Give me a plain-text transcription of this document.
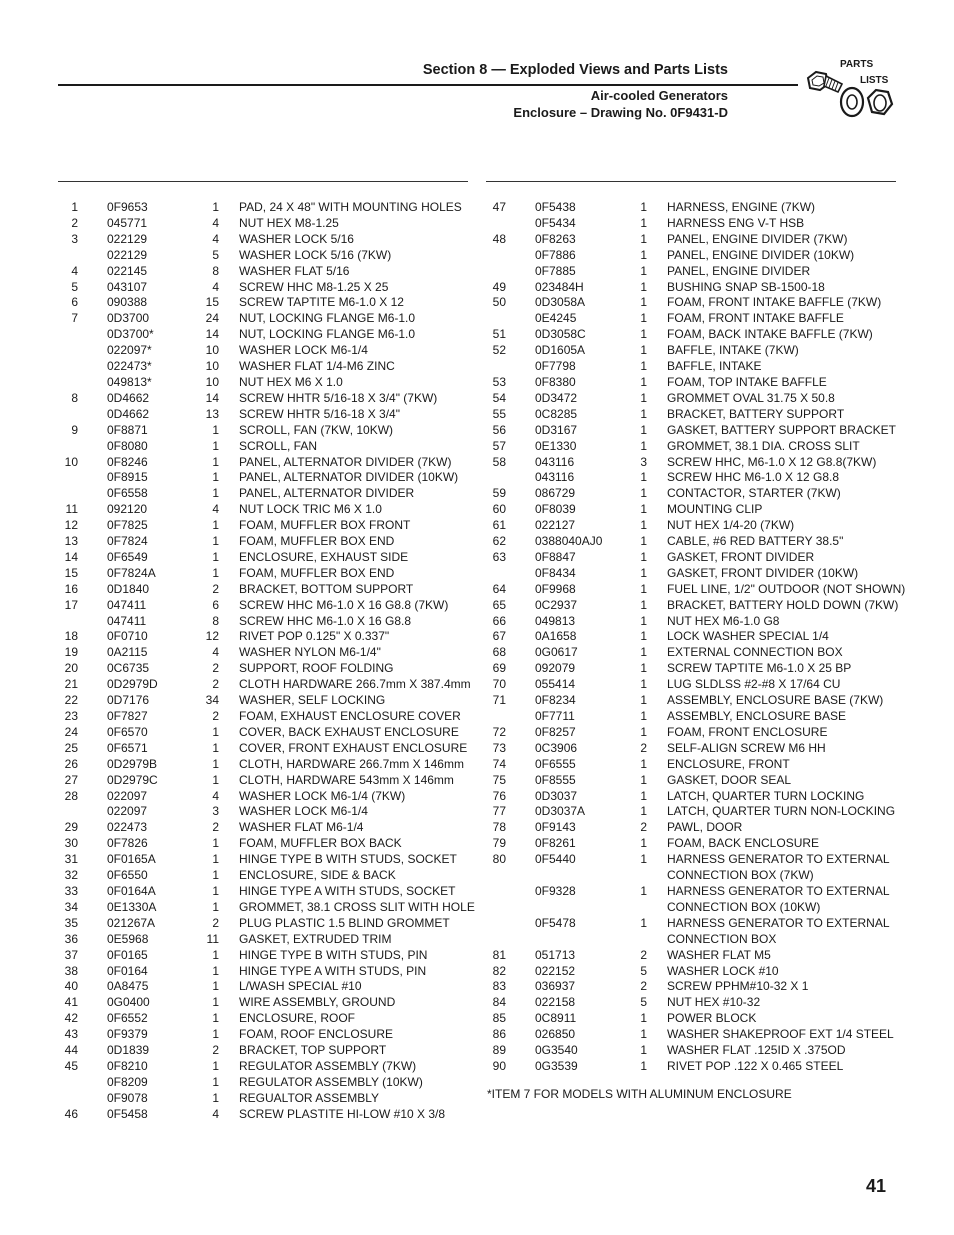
Section 8 — Exploded Views and Parts Lists
Air-cooled Generators
Enclosure – Drawing No. 0F9431-D
PARTS
LISTS
1		0F9653	1		PAD, 24 X 48" WITH MOUNTING HOLES
2		045771	4		NUT HEX M8-1.25
3		022129	4		WASHER LOCK 5/16
		022129	5		WASHER LOCK 5/16 (7KW)
4		022145	8		WASHER FLAT 5/16
5		043107	4		SCREW HHC M8-1.25 X 25
6		090388	15		SCREW TAPTITE M6-1.0 X 12
7		0D3700	24		NUT, LOCKING FLANGE M6-1.0
		0D3700*	14		NUT, LOCKING FLANGE M6-1.0
		022097*	10		WASHER LOCK M6-1/4
		022473*	10		WASHER FLAT 1/4-M6 ZINC
		049813*	10		NUT HEX M6 X 1.0
8		0D4662	14		SCREW HHTR 5/16-18 X 3/4" (7KW)
		0D4662	13		SCREW HHTR 5/16-18 X 3/4"
9		0F8871	1		SCROLL, FAN (7KW, 10KW)
		0F8080	1		SCROLL, FAN
10		0F8246	1		PANEL, ALTERNATOR DIVIDER (7KW)
		0F8915	1		PANEL, ALTERNATOR DIVIDER (10KW)
		0F6558	1		PANEL, ALTERNATOR DIVIDER
11		092120	4		NUT LOCK TRIC M6 X 1.0
12		0F7825	1		FOAM, MUFFLER BOX FRONT
13		0F7824	1		FOAM, MUFFLER BOX END
14		0F6549	1		ENCLOSURE, EXHAUST SIDE
15		0F7824A	1		FOAM, MUFFLER BOX END
16		0D1840	2		BRACKET, BOTTOM SUPPORT
17		047411	6		SCREW HHC M6-1.0 X 16 G8.8 (7KW)
		047411	8		SCREW HHC M6-1.0 X 16 G8.8
18		0F0710	12		RIVET POP 0.125" X 0.337"
19		0A2115	4		WASHER NYLON M6-1/4"
20		0C6735	2		SUPPORT, ROOF FOLDING
21		0D2979D	2		CLOTH HARDWARE 266.7mm X 387.4mm
22		0D7176	34		WASHER, SELF LOCKING
23		0F7827	2		FOAM, EXHAUST ENCLOSURE COVER
24		0F6570	1		COVER, BACK EXHAUST ENCLOSURE
25		0F6571	1		COVER, FRONT EXHAUST ENCLOSURE
26		0D2979B	1		CLOTH, HARDWARE 266.7mm X 146mm
27		0D2979C	1		CLOTH, HARDWARE 543mm X 146mm
28		022097	4		WASHER LOCK M6-1/4 (7KW)
		022097	3		WASHER LOCK M6-1/4
29		022473	2		WASHER FLAT M6-1/4
30		0F7826	1		FOAM, MUFFLER BOX BACK
31		0F0165A	1		HINGE TYPE B WITH STUDS, SOCKET
32		0F6550	1		ENCLOSURE, SIDE & BACK
33		0F0164A	1		HINGE TYPE A WITH STUDS, SOCKET
34		0E1330A	1		GROMMET, 38.1 CROSS SLIT WITH HOLE
35		021267A	2		PLUG PLASTIC 1.5 BLIND GROMMET
36		0E5968	11		GASKET, EXTRUDED TRIM
37		0F0165	1		HINGE TYPE B WITH STUDS, PIN
38		0F0164	1		HINGE TYPE A WITH STUDS, PIN
40		0A8475	1		L/WASH SPECIAL #10
41		0G0400	1		WIRE ASSEMBLY, GROUND
42		0F6552	1		ENCLOSURE, ROOF
43		0F9379	1		FOAM, ROOF ENCLOSURE
44		0D1839	2		BRACKET, TOP SUPPORT
45		0F8210	1		REGULATOR ASSEMBLY (7KW)
		0F8209	1		REGULATOR ASSEMBLY (10KW)
		0F9078	1		REGUALTOR ASSEMBLY
46		0F5458	4		SCREW PLASTITE HI-LOW #10 X 3/8
47		0F5438	1		HARNESS, ENGINE (7KW)
		0F5434	1		HARNESS ENG V-T HSB
48		0F8263	1		PANEL, ENGINE DIVIDER (7KW)
		0F7886	1		PANEL, ENGINE DIVIDER (10KW)
		0F7885	1		PANEL, ENGINE DIVIDER
49		023484H	1		BUSHING SNAP SB-1500-18
50		0D3058A	1		FOAM, FRONT INTAKE BAFFLE (7KW)
		0E4245	1		FOAM, FRONT INTAKE BAFFLE
51		0D3058C	1		FOAM, BACK INTAKE BAFFLE (7KW)
52		0D1605A	1		BAFFLE, INTAKE (7KW)
		0F7798	1		BAFFLE, INTAKE
53		0F8380	1		FOAM, TOP INTAKE BAFFLE
54		0D3472	1		GROMMET OVAL 31.75 X 50.8
55		0C8285	1		BRACKET, BATTERY SUPPORT
56		0D3167	1		GASKET, BATTERY SUPPORT BRACKET
57		0E1330	1		GROMMET, 38.1 DIA. CROSS SLIT
58		043116	3		SCREW HHC, M6-1.0 X 12 G8.8(7KW)
		043116	1		SCREW HHC M6-1.0 X 12 G8.8
59		086729	1		CONTACTOR, STARTER (7KW)
60		0F8039	1		MOUNTING CLIP
61		022127	1		NUT HEX 1/4-20 (7KW)
62		0388040AJ0	1		CABLE, #6 RED BATTERY 38.5"
63		0F8847	1		GASKET, FRONT DIVIDER
		0F8434	1		GASKET, FRONT DIVIDER (10KW)
64		0F9968	1		FUEL LINE, 1/2" OUTDOOR (NOT SHOWN)
65		0C2937	1		BRACKET, BATTERY HOLD DOWN (7KW)
66		049813	1		NUT HEX M6-1.0 G8
67		0A1658	1		LOCK WASHER SPECIAL 1/4
68		0G0617	1		EXTERNAL CONNECTION BOX
69		092079	1		SCREW TAPTITE M6-1.0 X 25 BP
70		055414	1		LUG SLDLSS #2-#8 X 17/64 CU
71		0F8234	1		ASSEMBLY, ENCLOSURE BASE (7KW)
		0F7711	1		ASSEMBLY, ENCLOSURE BASE
72		0F8257	1		FOAM, FRONT ENCLOSURE
73		0C3906	2		SELF-ALIGN SCREW M6 HH
74		0F6555	1		ENCLOSURE, FRONT
75		0F8555	1		GASKET, DOOR SEAL
76		0D3037	1		LATCH, QUARTER TURN LOCKING
77		0D3037A	1		LATCH, QUARTER TURN NON-LOCKING
78		0F9143	2		PAWL, DOOR
79		0F8261	1		FOAM, BACK ENCLOSURE
80		0F5440	1		HARNESS GENERATOR TO EXTERNAL
					CONNECTION BOX (7KW)
		0F9328	1		HARNESS GENERATOR TO EXTERNAL
					CONNECTION BOX (10KW)
		0F5478	1		HARNESS GENERATOR TO EXTERNAL
					CONNECTION BOX
81		051713	2		WASHER FLAT M5
82		022152	5		WASHER LOCK #10
83		036937	2		SCREW PPHM#10-32 X 1
84		022158	5		NUT HEX #10-32
85		0C8911	1		POWER BLOCK
86		026850	1		WASHER SHAKEPROOF EXT 1/4 STEEL
89		0G3540	1		WASHER FLAT .125ID X .375OD
90		0G3539	1		RIVET POP .122 X 0.465 STEEL
*ITEM 7 FOR MODELS WITH ALUMINUM ENCLOSURE
41
